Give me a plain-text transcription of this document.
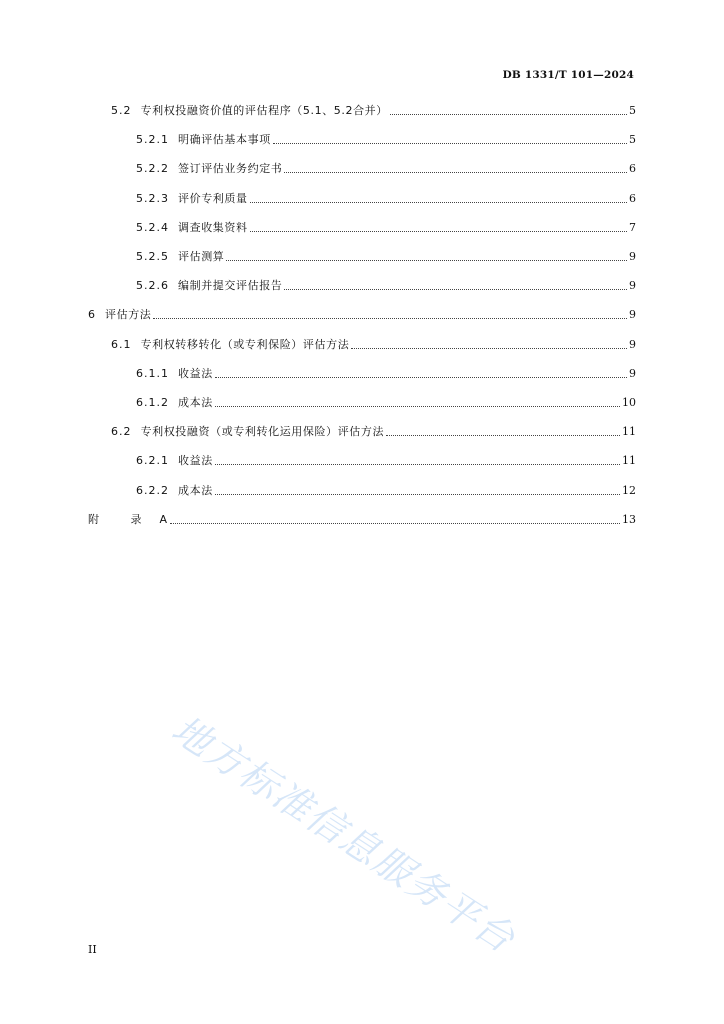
DB 1331/T 101—2024
5.2 专利权投融资价值的评估程序（5.1、5.2合并）	5
5.2.1 明确评估基本事项	5
5.2.2 签订评估业务约定书	6
5.2.3 评价专利质量	6
5.2.4 调查收集资料	7
5.2.5 评估测算	9
5.2.6 编制并提交评估报告	9
6 评估方法	9
6.1 专利权转移转化（或专利保险）评估方法	9
6.1.1 收益法	9
6.1.2 成本法	10
6.2 专利权投融资（或专利转化运用保险）评估方法	11
6.2.1 收益法	11
6.2.2 成本法	12
附 录 A	13
II 地方标准信息服务平台
